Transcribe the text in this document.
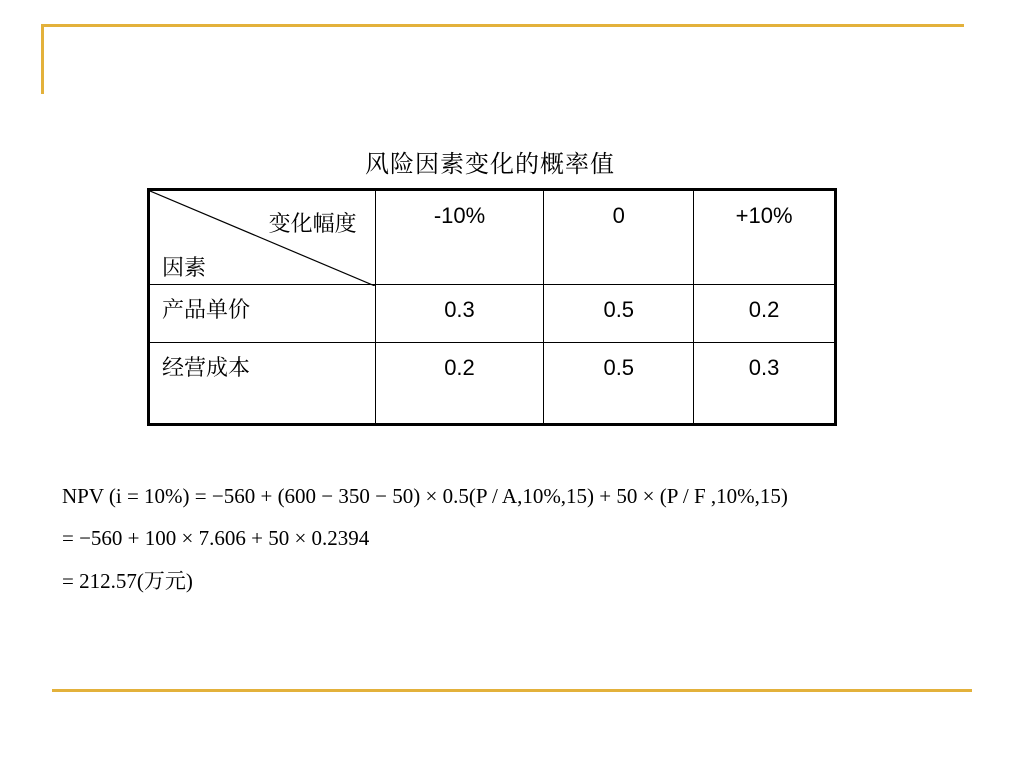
风险因素变化的概率值
变化幅度
因素	-10%	0	+10%
产品单价	0.3	0.5	0.2
经营成本	0.2	0.5	0.3
NPV (i = 10%) = −560 + (600 − 350 − 50) × 0.5(P / A,10%,15) + 50 × (P / F ,10%,15)
= −560 + 100 × 7.606 + 50 × 0.2394
= 212.57(万元)
